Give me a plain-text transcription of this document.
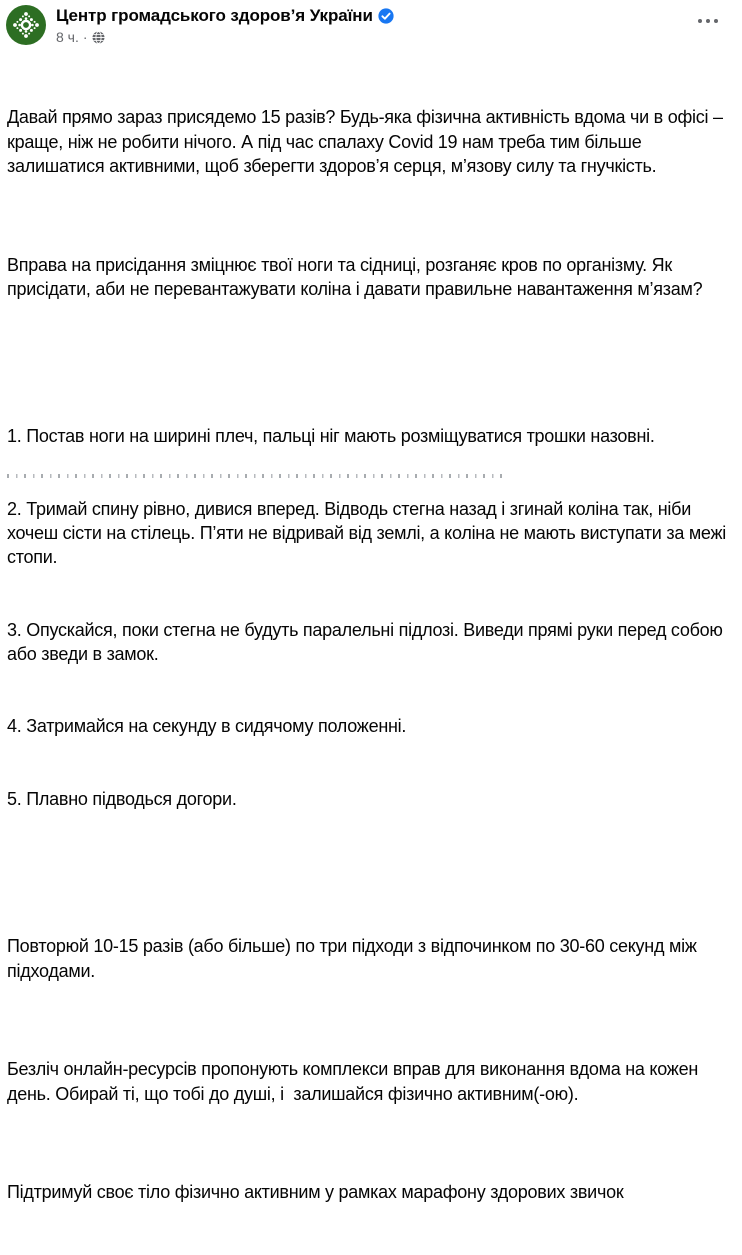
Центр громадського здоров’я України
8 ч. ·

Давай прямо зараз присядемо 15 разів? Будь-яка фізична активність вдома чи в офісі – краще, ніж не робити нічого. А під час спалаху Covid 19 нам треба тим більше залишатися активними, щоб зберегти здоров’я серця, м’язову силу та гнучкість.

Вправа на присідання зміцнює твої ноги та сідниці, розганяє кров по організму. Як присідати, аби не перевантажувати коліна і давати правильне навантаження м’язам?

1. Постав ноги на ширині плеч, пальці ніг мають розміщуватися трошки назовні.

2. Тримай спину рівно, дивися вперед. Відводь стегна назад і згинай коліна так, ніби хочеш сісти на стілець. П’яти не відривай від землі, а коліна не мають виступати за межі стопи.

3. Опускайся, поки стегна не будуть паралельні підлозі. Виведи прямі руки перед собою або зведи в замок.

4. Затримайся на секунду в сидячому положенні.

5. Плавно підводься догори.

Повторюй 10-15 разів (або більше) по три підходи з відпочинком по 30-60 секунд між підходами.

Безліч онлайн-ресурсів пропонують комплекси вправ для виконання вдома на кожен день. Обирай ті, що тобі до душі, і  залишайся фізично активним(-ою).

Підтримуй своє тіло фізично активним у рамках марафону здорових звичок
